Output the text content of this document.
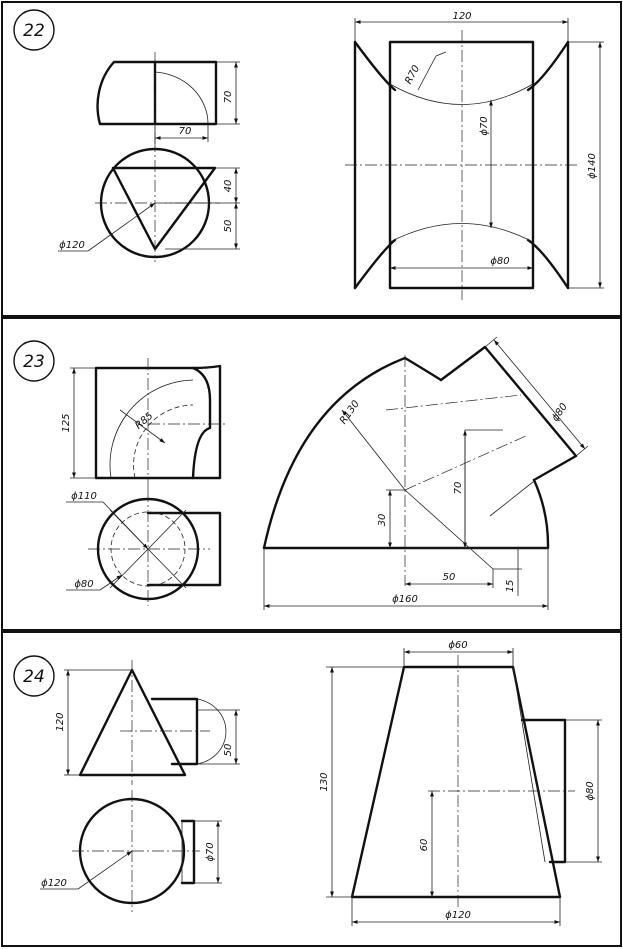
22
70
70
40
50
ϕ120
120
R70
ϕ70
ϕ80
ϕ140
23
125	R85
ϕ110
ϕ80
R130	ϕ80
70
30
50
15
ϕ160
24
120
50
ϕ70
ϕ120
ϕ60
130	ϕ80
60
ϕ120
